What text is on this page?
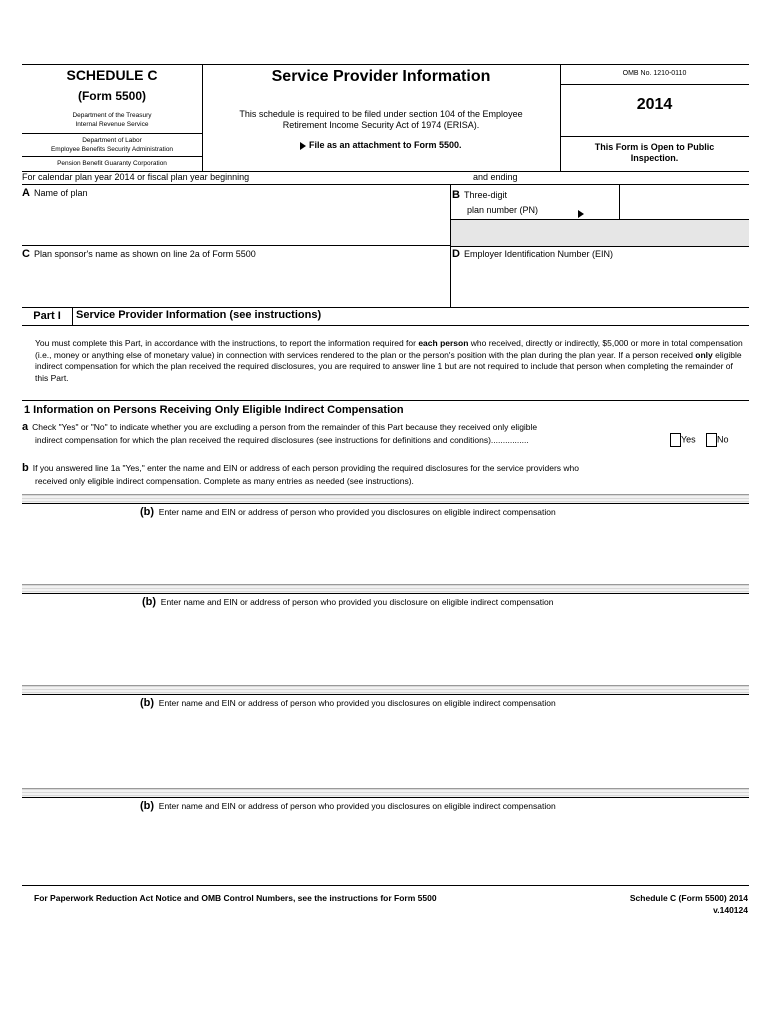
SCHEDULE C
(Form 5500)
Department of the Treasury
Internal Revenue Service
Department of Labor
Employee Benefits Security Administration
Pension Benefit Guaranty Corporation
Service Provider Information
This schedule is required to be filed under section 104 of the Employee
Retirement Income Security Act of 1974 (ERISA).
File as an attachment to Form 5500.
OMB No. 1210-0110
2014
This Form is Open to Public
Inspection.
For calendar plan year 2014 or fiscal plan year beginning	and ending
A Name of plan	B Three-digit
plan number (PN)
C Plan sponsor's name as shown on line 2a of Form 5500	D Employer Identification Number (EIN)
Part I	Service Provider Information (see instructions)
You must complete this Part, in accordance with the instructions, to report the information required for each person who received, directly or indirectly, $5,000 or more in total compensation (i.e., money or anything else of monetary value) in connection with services rendered to the plan or the person's position with the plan during the plan year. If a person received only eligible indirect compensation for which the plan received the required disclosures, you are required to answer line 1 but are not required to include that person when completing the remainder of this Part.
1 Information on Persons Receiving Only Eligible Indirect Compensation
a Check "Yes" or "No" to indicate whether you are excluding a person from the remainder of this Part because they received only eligible
indirect compensation for which the plan received the required disclosures (see instructions for definitions and conditions)................	Yes	No
b If you answered line 1a "Yes," enter the name and EIN or address of each person providing the required disclosures for the service providers who
received only eligible indirect compensation. Complete as many entries as needed (see instructions).
(b) Enter name and EIN or address of person who provided you disclosures on eligible indirect compensation
(b) Enter name and EIN or address of person who provided you disclosure on eligible indirect compensation
(b) Enter name and EIN or address of person who provided you disclosures on eligible indirect compensation
(b) Enter name and EIN or address of person who provided you disclosures on eligible indirect compensation
For Paperwork Reduction Act Notice and OMB Control Numbers, see the instructions for Form 5500	Schedule C (Form 5500) 2014
v.140124
